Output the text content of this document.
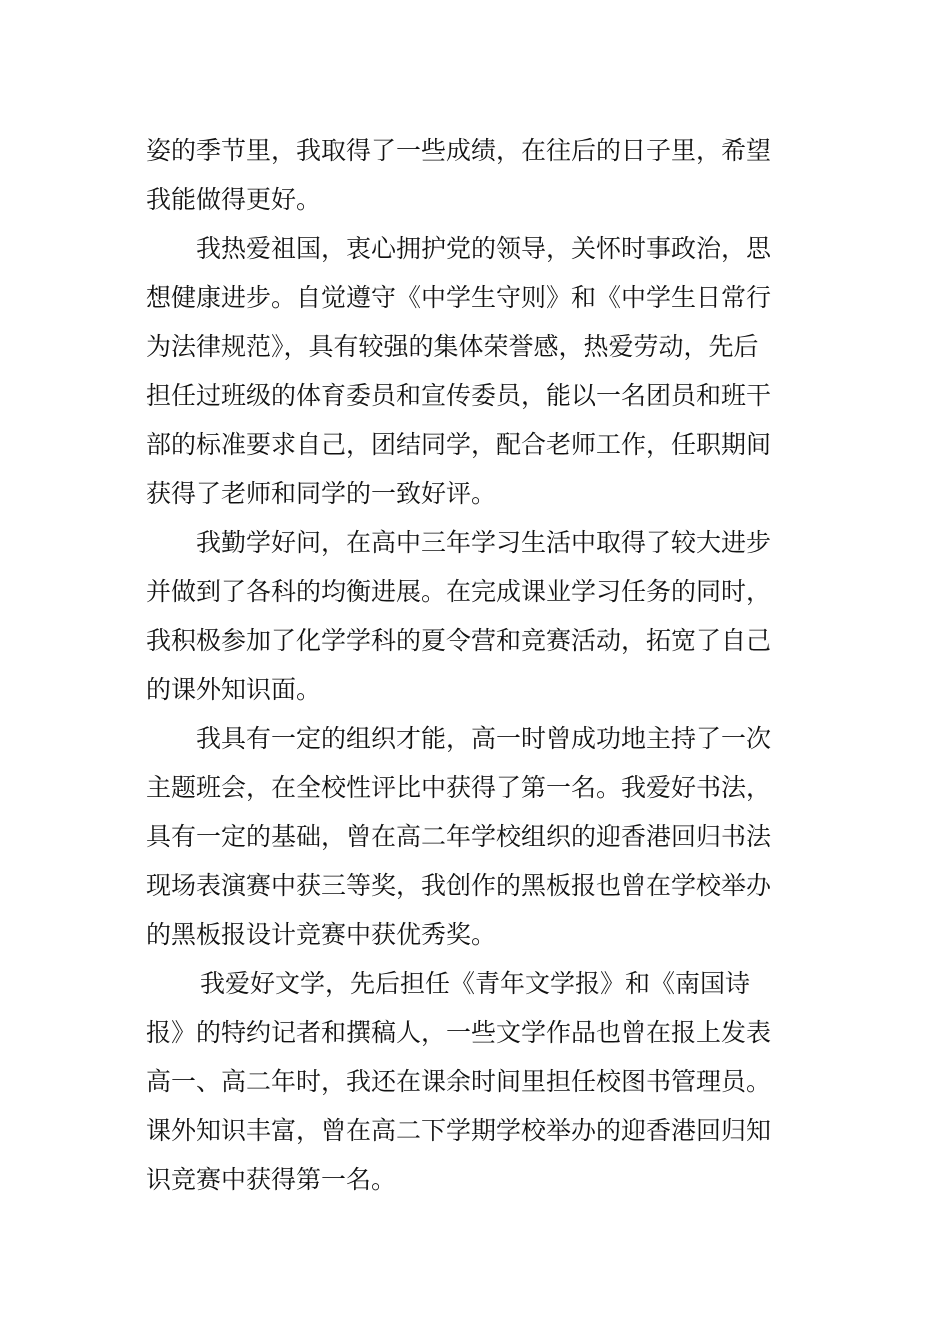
姿的季节里，我取得了一些成绩，在往后的日子里，希望
我能做得更好。
我热爱祖国，衷心拥护党的领导，关怀时事政治，思
想健康进步。自觉遵守《中学生守则》和《中学生日常行
为法律规范》，具有较强的集体荣誉感，热爱劳动，先后
担任过班级的体育委员和宣传委员，能以一名团员和班干
部的标准要求自己，团结同学，配合老师工作，任职期间
获得了老师和同学的一致好评。
我勤学好问，在高中三年学习生活中取得了较大进步
并做到了各科的均衡进展。在完成课业学习任务的同时，
我积极参加了化学学科的夏令营和竞赛活动，拓宽了自己
的课外知识面。
我具有一定的组织才能，高一时曾成功地主持了一次
主题班会，在全校性评比中获得了第一名。我爱好书法，
具有一定的基础，曾在高二年学校组织的迎香港回归书法
现场表演赛中获三等奖，我创作的黑板报也曾在学校举办
的黑板报设计竞赛中获优秀奖。
我爱好文学，先后担任《青年文学报》和《南国诗
报》的特约记者和撰稿人，一些文学作品也曾在报上发表
高一、高二年时，我还在课余时间里担任校图书管理员。
课外知识丰富，曾在高二下学期学校举办的迎香港回归知
识竞赛中获得第一名。
